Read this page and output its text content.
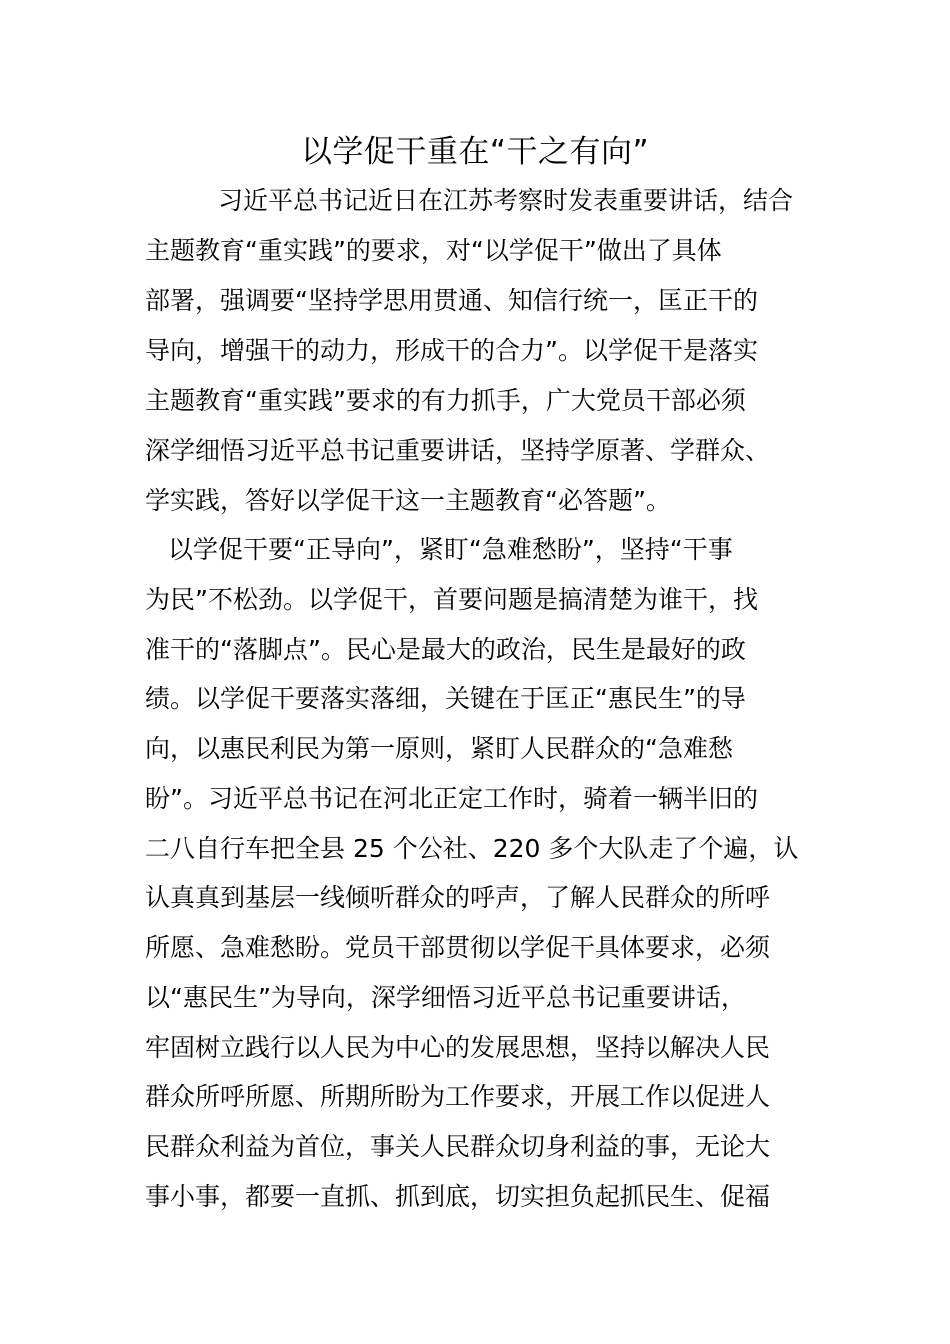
以学促干重在“干之有向”
习近平总书记近日在江苏考察时发表重要讲话，结合
主题教育“重实践”的要求，对“以学促干”做出了具体
部署，强调要“坚持学思用贯通、知信行统一，匡正干的
导向，增强干的动力，形成干的合力”。以学促干是落实
主题教育“重实践”要求的有力抓手，广大党员干部必须
深学细悟习近平总书记重要讲话，坚持学原著、学群众、
学实践，答好以学促干这一主题教育“必答题”。
以学促干要“正导向”，紧盯“急难愁盼”，坚持“干事
为民”不松劲。以学促干，首要问题是搞清楚为谁干，找
准干的“落脚点”。民心是最大的政治，民生是最好的政
绩。以学促干要落实落细，关键在于匡正“惠民生”的导
向，以惠民利民为第一原则，紧盯人民群众的“急难愁
盼”。习近平总书记在河北正定工作时，骑着一辆半旧的
二八自行车把全县 25 个公社、220 多个大队走了个遍，认
认真真到基层一线倾听群众的呼声，了解人民群众的所呼
所愿、急难愁盼。党员干部贯彻以学促干具体要求，必须
以“惠民生”为导向，深学细悟习近平总书记重要讲话，
牢固树立践行以人民为中心的发展思想，坚持以解决人民
群众所呼所愿、所期所盼为工作要求，开展工作以促进人
民群众利益为首位，事关人民群众切身利益的事，无论大
事小事，都要一直抓、抓到底，切实担负起抓民生、促福
